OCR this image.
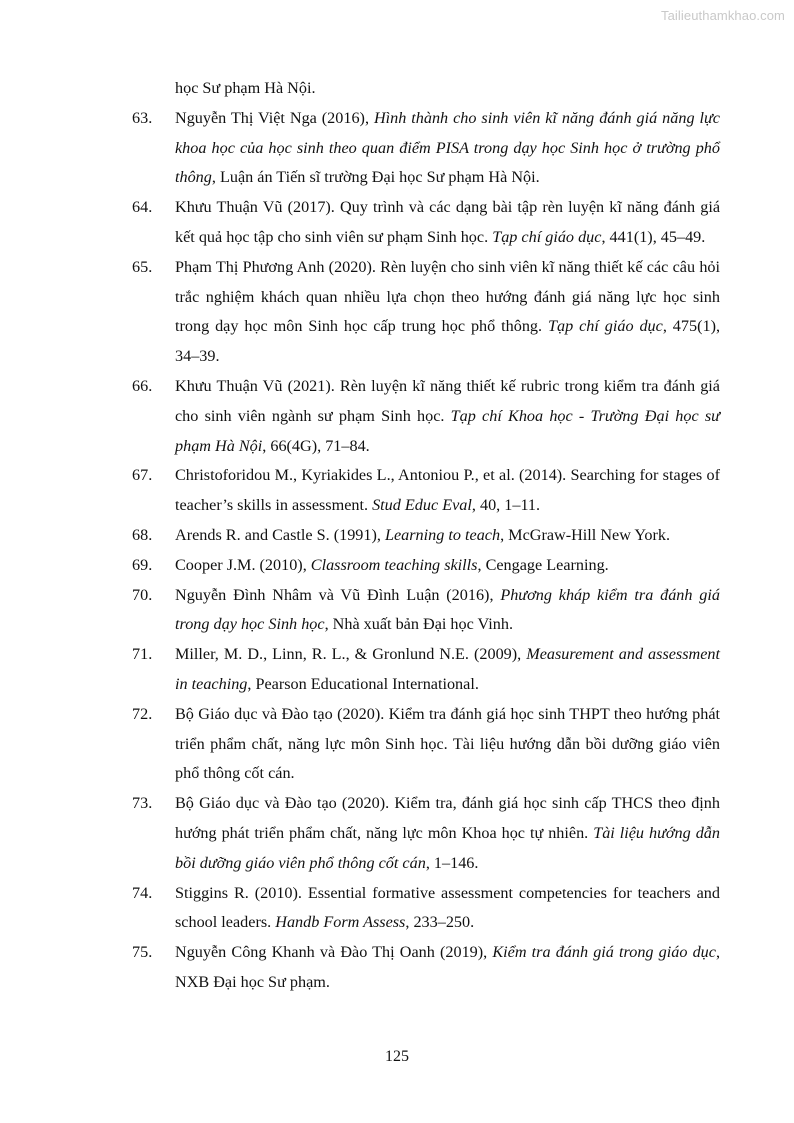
Tailieuthamkhao.com
học Sư phạm Hà Nội.
63.	Nguyễn Thị Việt Nga (2016), Hình thành cho sinh viên kĩ năng đánh giá năng lực khoa học của học sinh theo quan điểm PISA trong dạy học Sinh học ở trường phổ thông, Luận án Tiến sĩ trường Đại học Sư phạm Hà Nội.
64.	Khưu Thuận Vũ (2017). Quy trình và các dạng bài tập rèn luyện kĩ năng đánh giá kết quả học tập cho sinh viên sư phạm Sinh học. Tạp chí giáo dục, 441(1), 45–49.
65.	Phạm Thị Phương Anh (2020). Rèn luyện cho sinh viên kĩ năng thiết kế các câu hỏi trắc nghiệm khách quan nhiều lựa chọn theo hướng đánh giá năng lực học sinh trong dạy học môn Sinh học cấp trung học phổ thông. Tạp chí giáo dục, 475(1), 34–39.
66.	Khưu Thuận Vũ (2021). Rèn luyện kĩ năng thiết kế rubric trong kiểm tra đánh giá cho sinh viên ngành sư phạm Sinh học. Tạp chí Khoa học - Trường Đại học sư phạm Hà Nội, 66(4G), 71–84.
67.	Christoforidou M., Kyriakides L., Antoniou P., et al. (2014). Searching for stages of teacher’s skills in assessment. Stud Educ Eval, 40, 1–11.
68.	Arends R. and Castle S. (1991), Learning to teach, McGraw-Hill New York.
69.	Cooper J.M. (2010), Classroom teaching skills, Cengage Learning.
70.	Nguyễn Đình Nhâm và Vũ Đình Luận (2016), Phương kháp kiểm tra đánh giá trong dạy học Sinh học, Nhà xuất bản Đại học Vinh.
71.	Miller, M. D., Linn, R. L., & Gronlund N.E. (2009), Measurement and assessment in teaching, Pearson Educational International.
72.	Bộ Giáo dục và Đào tạo (2020). Kiểm tra đánh giá học sinh THPT theo hướng phát triển phẩm chất, năng lực môn Sinh học. Tài liệu hướng dẫn bồi dưỡng giáo viên phổ thông cốt cán.
73.	Bộ Giáo dục và Đào tạo (2020). Kiểm tra, đánh giá học sinh cấp THCS theo định hướng phát triển phẩm chất, năng lực môn Khoa học tự nhiên. Tài liệu hướng dẫn bồi dưỡng giáo viên phổ thông cốt cán, 1–146.
74.	Stiggins R. (2010). Essential formative assessment competencies for teachers and school leaders. Handb Form Assess, 233–250.
75.	Nguyễn Công Khanh và Đào Thị Oanh (2019), Kiểm tra đánh giá trong giáo dục, NXB Đại học Sư phạm.
125
